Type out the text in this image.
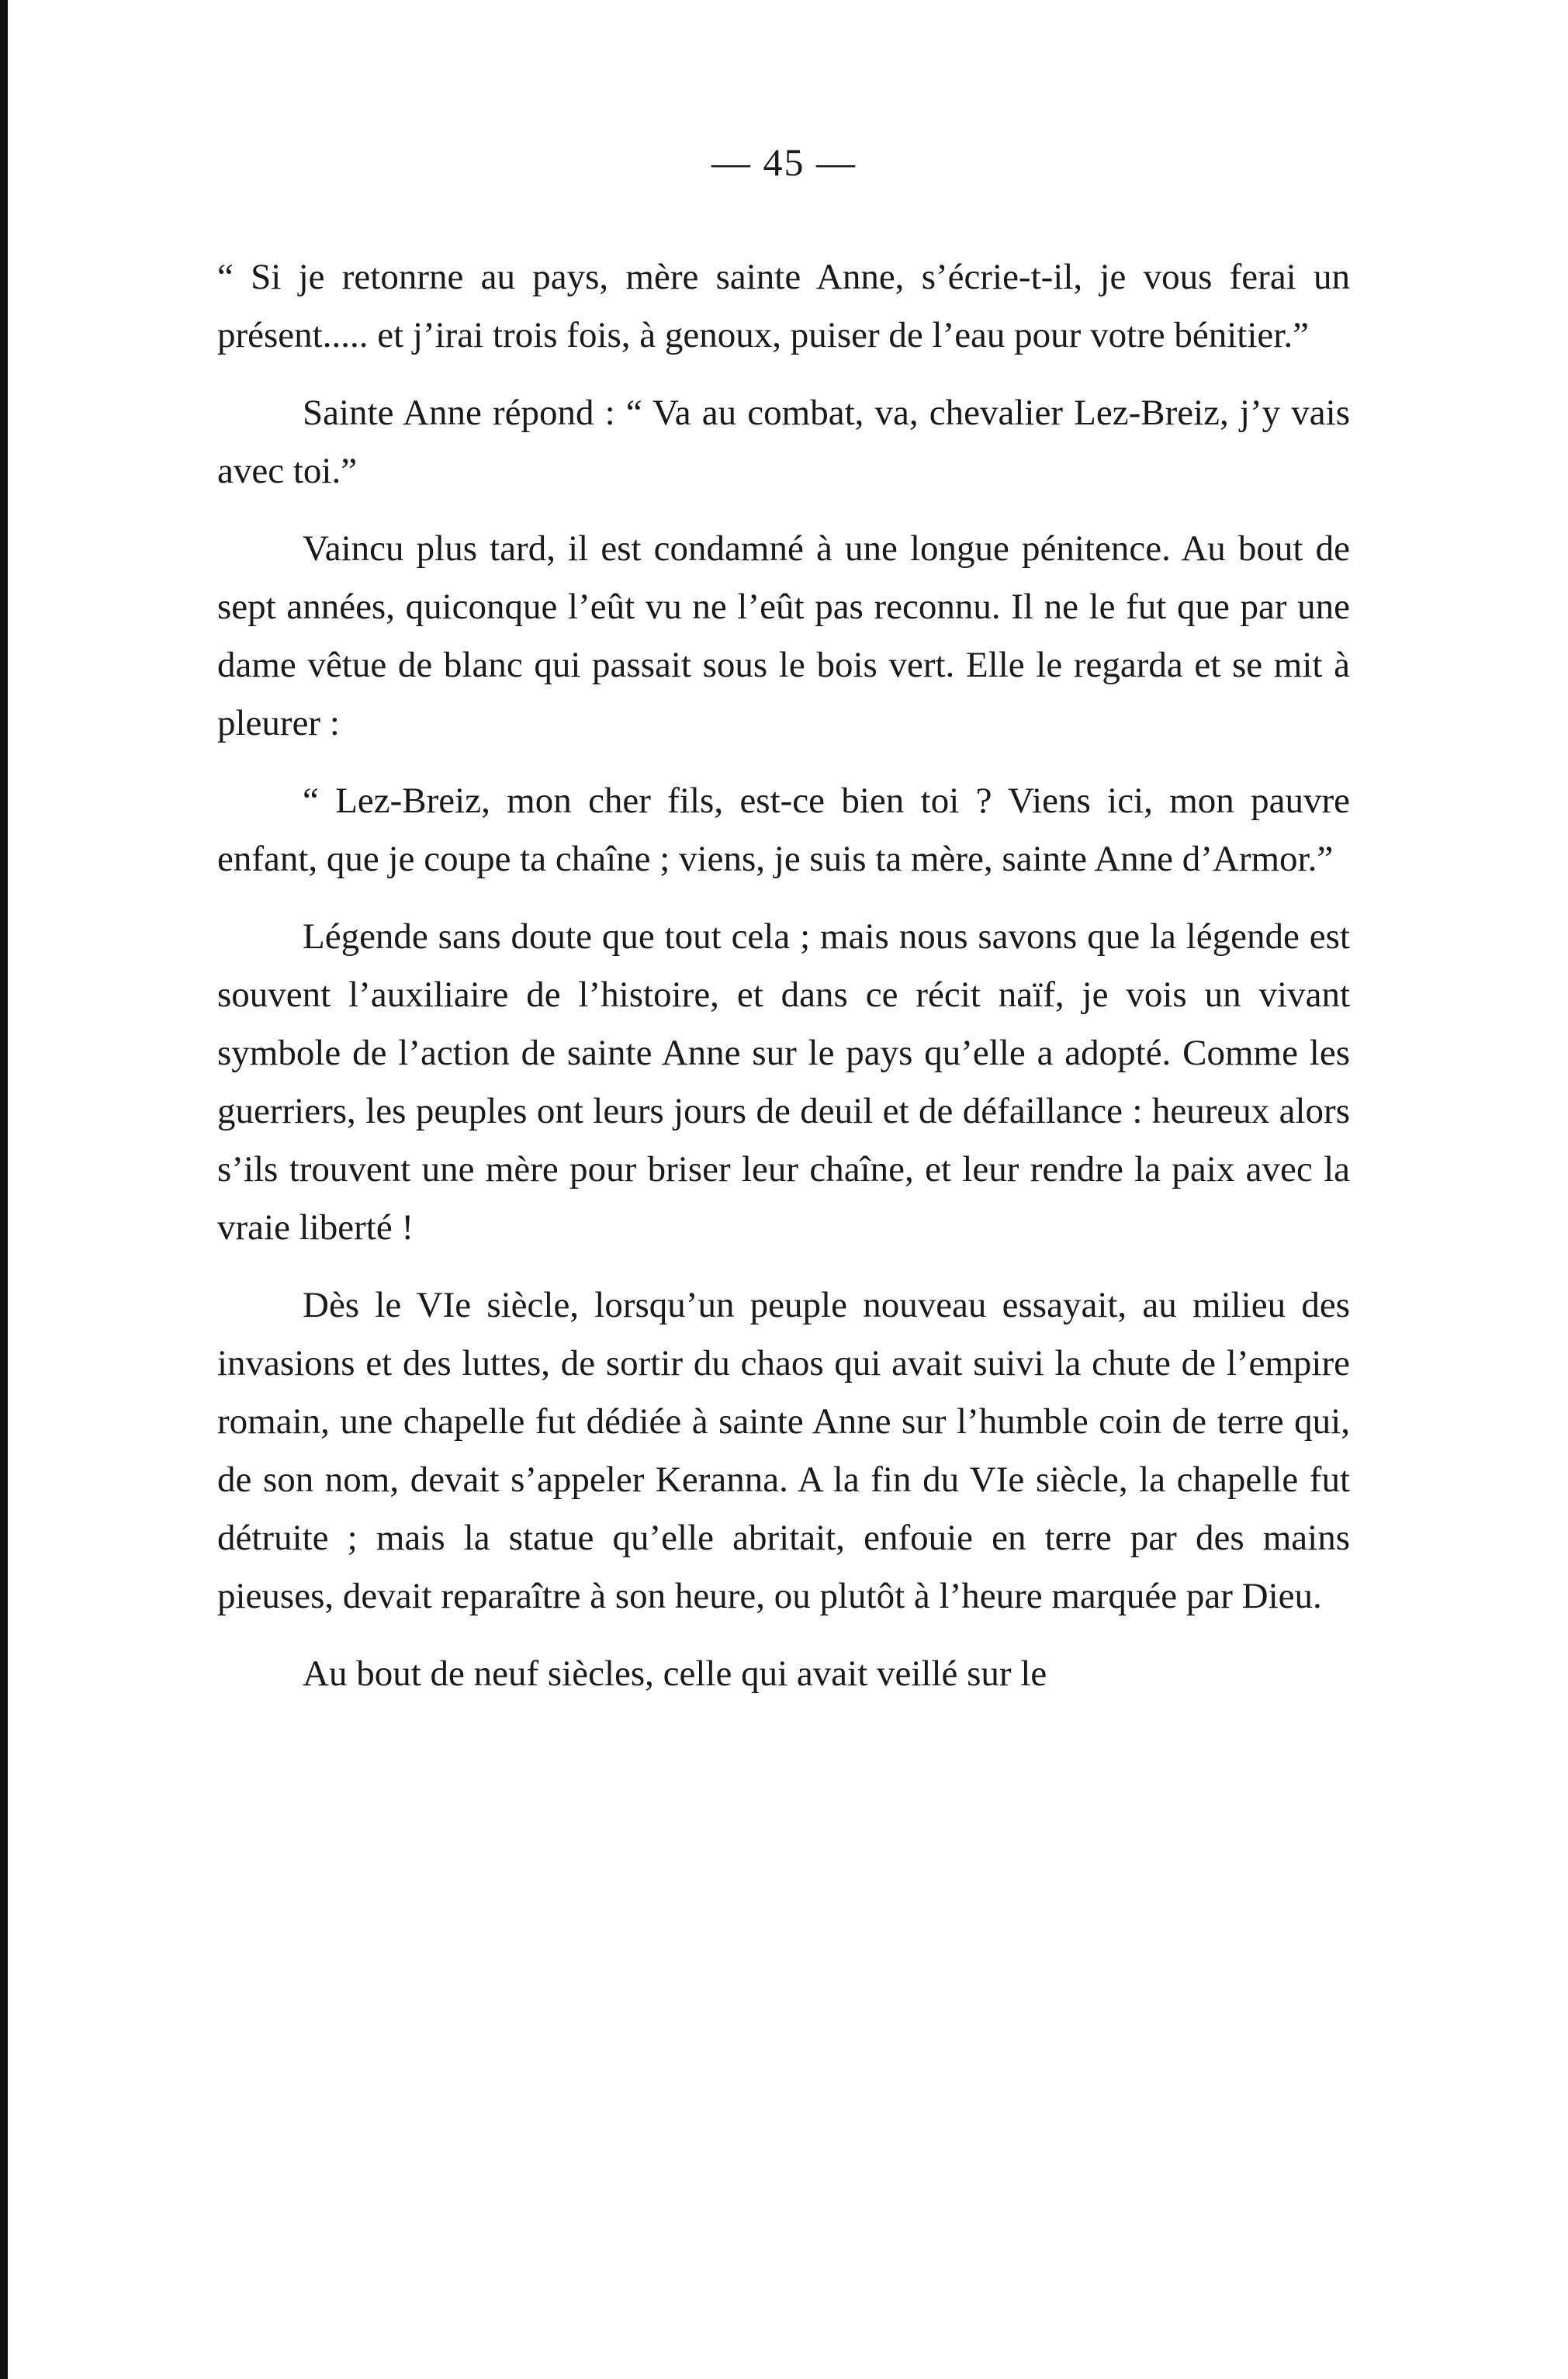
— 45 —

“ Si je retonrne au pays, mère sainte Anne, s’écrie-t-il, je vous ferai un présent..... et j’irai trois fois, à genoux, puiser de l’eau pour votre bénitier.”

Sainte Anne répond : “ Va au combat, va, chevalier Lez-Breiz, j’y vais avec toi.”

Vaincu plus tard, il est condamné à une longue pénitence. Au bout de sept années, quiconque l’eût vu ne l’eût pas reconnu. Il ne le fut que par une dame vêtue de blanc qui passait sous le bois vert. Elle le regarda et se mit à pleurer :

“ Lez-Breiz, mon cher fils, est-ce bien toi ? Viens ici, mon pauvre enfant, que je coupe ta chaîne ; viens, je suis ta mère, sainte Anne d’Armor.”

Légende sans doute que tout cela ; mais nous savons que la légende est souvent l’auxiliaire de l’histoire, et dans ce récit naïf, je vois un vivant symbole de l’action de sainte Anne sur le pays qu’elle a adopté. Comme les guerriers, les peuples ont leurs jours de deuil et de défaillance : heureux alors s’ils trouvent une mère pour briser leur chaîne, et leur rendre la paix avec la vraie liberté !

Dès le VIe siècle, lorsqu’un peuple nouveau essayait, au milieu des invasions et des luttes, de sortir du chaos qui avait suivi la chute de l’empire romain, une chapelle fut dédiée à sainte Anne sur l’humble coin de terre qui, de son nom, devait s’appeler Keranna. A la fin du VIe siècle, la chapelle fut détruite ; mais la statue qu’elle abritait, enfouie en terre par des mains pieuses, devait reparaître à son heure, ou plutôt à l’heure marquée par Dieu.

Au bout de neuf siècles, celle qui avait veillé sur le
